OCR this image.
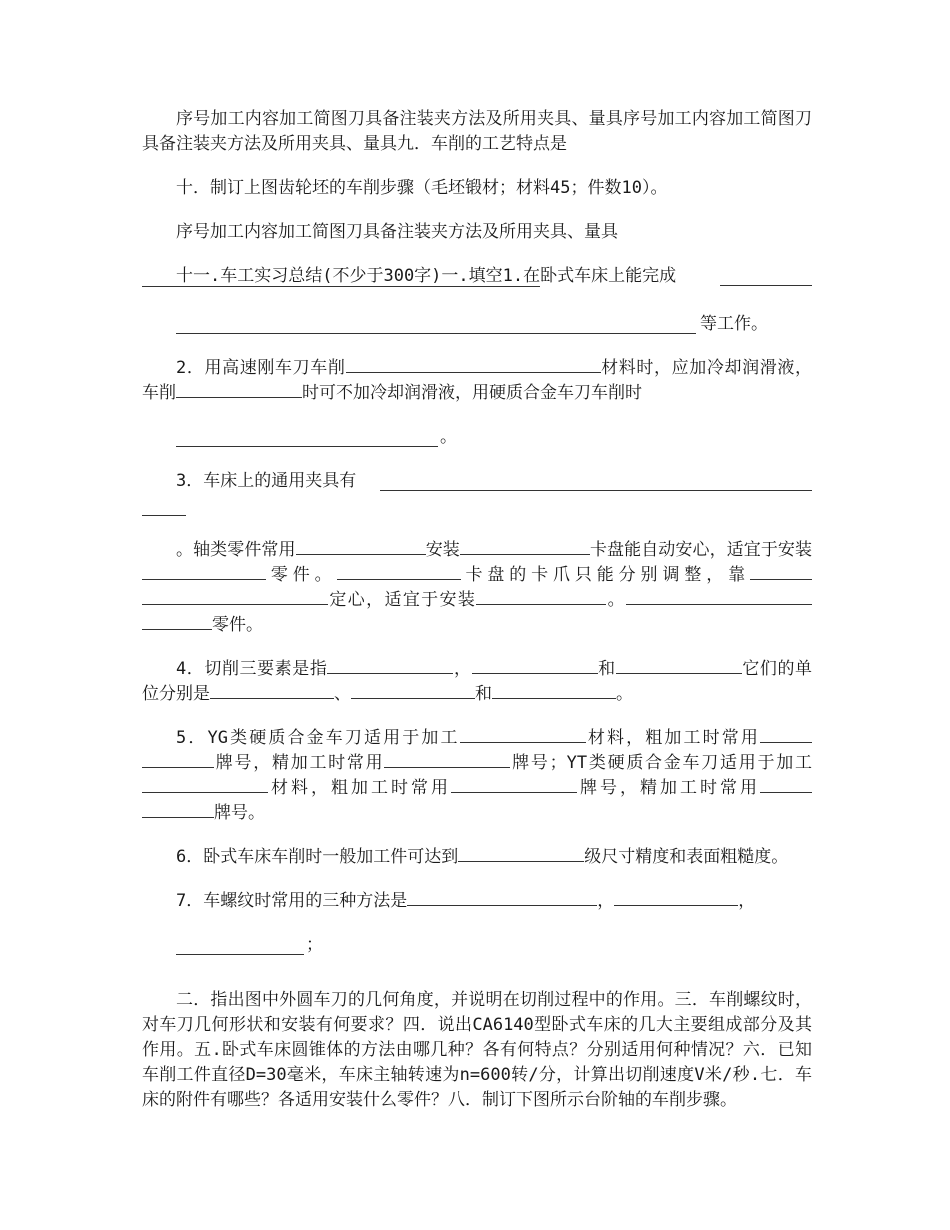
序号加工内容加工简图刀具备注装夹方法及所用夹具、量具序号加工内容加工简图刀具备注装夹方法及所用夹具、量具九．车削的工艺特点是

十．制订上图齿轮坯的车削步骤（毛坯锻材；材料45；件数10）。

序号加工内容加工简图刀具备注装夹方法及所用夹具、量具

十一.车工实习总结(不少于300字)一.填空1.在卧式车床上能完成
等工作。

2．用高速刚车刀车削	材料时，应加冷却润滑液，车削	时可不加冷却润滑液，用硬质合金车刀车削时

。
3．车床上的通用夹具有

。轴类零件常用	安装	卡盘能自动安心，适宜于安装零件。	卡盘的卡爪只能分别调整，靠定心，适宜于安装	。零件。

4．切削三要素是指	，	和	它们的单位分别是	、	和	。

5．YG类硬质合金车刀适用于加工	材料，粗加工时常用牌号，精加工时常用	牌号；YT类硬质合金车刀适用于加工材料，粗加工时常用	牌号，精加工时常用牌号。

6．卧式车床车削时一般加工件可达到	级尺寸精度和表面粗糙度。

7．车螺纹时常用的三种方法是	，	，

；

二．指出图中外圆车刀的几何角度，并说明在切削过程中的作用。三．车削螺纹时，对车刀几何形状和安装有何要求？四．说出CA6140型卧式车床的几大主要组成部分及其作用。五.卧式车床圆锥体的方法由哪几种？各有何特点？分别适用何种情况？六．已知车削工件直径D=30毫米，车床主轴转速为n=600转/分，计算出切削速度V米/秒.七．车床的附件有哪些？各适用安装什么零件？八．制订下图所示台阶轴的车削步骤。
